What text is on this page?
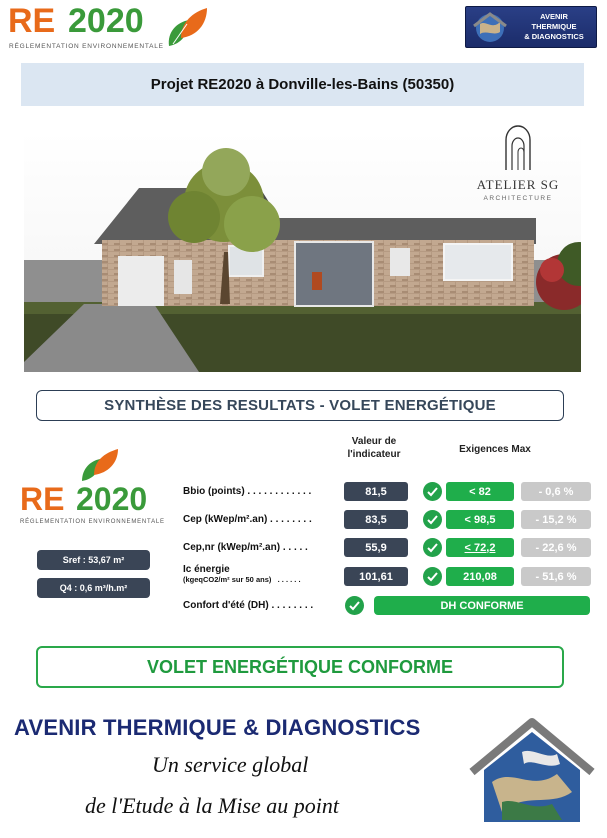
RE 2020
RÉGLEMENTATION ENVIRONNEMENTALE
AVENIR
THERMIQUE
& DIAGNOSTICS
Projet RE2020 à Donville-les-Bains (50350)
ATELIER SG
ARCHITECTURE
SYNTHÈSE DES RESULTATS - VOLET ENERGÉTIQUE
RE 2020
RÉGLEMENTATION ENVIRONNEMENTALE
Sref : 53,67 m²
Q4 : 0,6 m³/h.m²
Valeur de
l'indicateur	Exigences Max
Bbio (points) . . . . . . . . . . . .	81,5	< 82	- 0,6 %
Cep (kWep/m².an) . . . . . . . .	83,5	< 98,5	- 15,2 %
Cep,nr (kWep/m².an) . . . . .	55,9	< 72,2	- 22,6 %
Ic énergie
(kgeqCO2/m² sur 50 ans) . . . . . .	101,61	210,08	- 51,6 %
Confort d'été (DH) . . . . . . . .	DH CONFORME
VOLET ENERGÉTIQUE CONFORME
AVENIR THERMIQUE & DIAGNOSTICS
Un service global
de l'Etude à la Mise au point
